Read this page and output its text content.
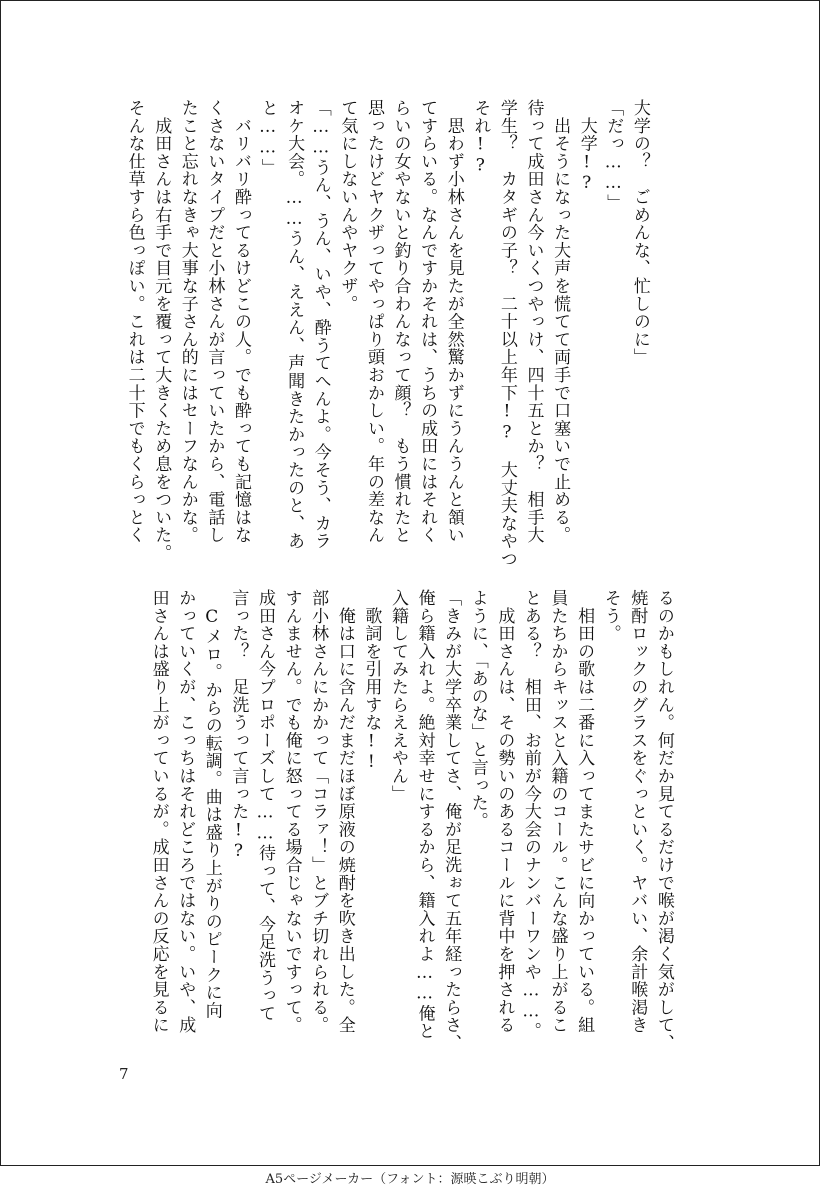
大学の？　ごめんな、忙しのに」
「だっ……」
　大学!?
　出そうになった大声を慌てて両手で口塞いで止める。
待って成田さん今いくつやっけ、四十五とか？　相手大
学生？　カタギの子？　二十以上年下!?　大丈夫なやつ
それ!?
　思わず小林さんを見たが全然驚かずにうんうんと頷い
てすらいる。なんですかそれは、うちの成田にはそれく
らいの女やないと釣り合わんなって顔？　もう慣れたと
思ったけどヤクザってやっぱり頭おかしい。年の差なん
て気にしないんやヤクザ。
「……うん、うん、いや、酔うてへんよ。今そう、カラ
オケ大会。……うん、ええん、声聞きたかったのと、あ
と……」
　バリバリ酔ってるけどこの人。でも酔っても記憶はな
くさないタイプだと小林さんが言っていたから、電話し
たこと忘れなきゃ大事な子さん的にはセーフなんかな。
　成田さんは右手で目元を覆って大きくため息をついた。
そんな仕草すら色っぽい。これは二十下でもくらっとく
るのかもしれん。何だか見てるだけで喉が渇く気がして、
焼酎ロックのグラスをぐっといく。ヤバい、余計喉渇き
そう。
　相田の歌は二番に入ってまたサビに向かっている。組
員たちからキッスと入籍のコール。こんな盛り上がるこ
とある？　相田、お前が今大会のナンバーワンや……。
　成田さんは、その勢いのあるコールに背中を押される
ように、「あのな」と言った。
「きみが大学卒業してさ、俺が足洗ぉて五年経ったらさ、
俺ら籍入れよ。絶対幸せにするから、籍入れよ……俺と
入籍してみたらええやん」
　歌詞を引用すな!!
　俺は口に含んだまだほぼ原液の焼酎を吹き出した。全
部小林さんにかかって「コラァ！」とブチ切れられる。
すんません。でも俺に怒ってる場合じゃないですって。
成田さん今プロポーズして……待って、今足洗うって
言った？　足洗うって言った!?
　Cメロ。からの転調。曲は盛り上がりのピークに向
かっていくが、こっちはそれどころではない。いや、成
田さんは盛り上がっているが。成田さんの反応を見るに
7
A5ページメーカー（フォント：源暎こぶり明朝）
